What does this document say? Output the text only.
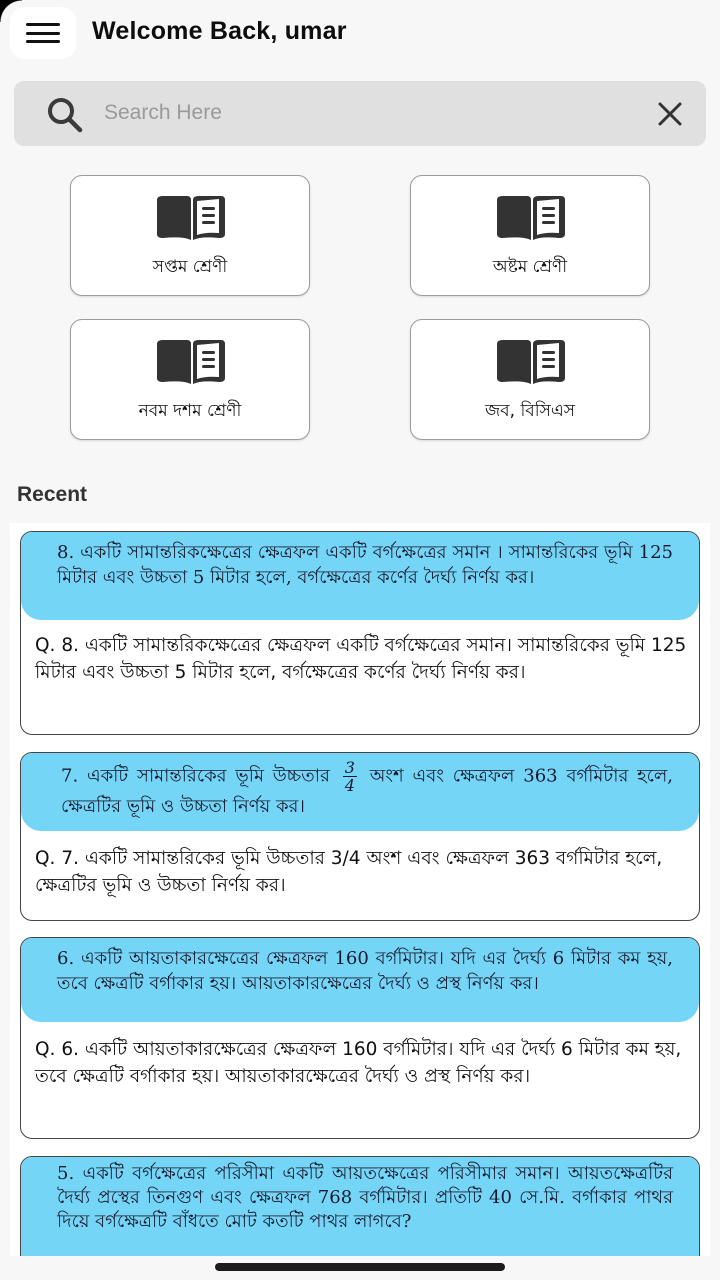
Welcome Back, umar
Search Here
সপ্তম শ্রেণী	অষ্টম শ্রেণী
নবম দশম শ্রেণী	জব, বিসিএস
Recent
8. একটি সামান্তরিকক্ষেত্রের ক্ষেত্রফল একটি বর্গক্ষেত্রের সমান । সামান্তরিকের ভূমি 125 মিটার এবং উচ্চতা 5 মিটার হলে, বর্গক্ষেত্রের কর্ণের দৈর্ঘ্য নির্ণয় কর।
Q. 8. একটি সামান্তরিকক্ষেত্রের ক্ষেত্রফল একটি বর্গক্ষেত্রের সমান। সামান্তরিকের ভূমি 125 মিটার এবং উচ্চতা 5 মিটার হলে, বর্গক্ষেত্রের কর্ণের দৈর্ঘ্য নির্ণয় কর।
7. একটি সামান্তরিকের ভূমি উচ্চতার $\frac{3}{4}$ অংশ এবং ক্ষেত্রফল 363 বর্গমিটার হলে, ক্ষেত্রটির ভূমি ও উচ্চতা নির্ণয় কর।
Q. 7. একটি সামান্তরিকের ভূমি উচ্চতার 3/4 অংশ এবং ক্ষেত্রফল 363 বর্গমিটার হলে, ক্ষেত্রটির ভূমি ও উচ্চতা নির্ণয় কর।
6. একটি আয়তাকারক্ষেত্রের ক্ষেত্রফল 160 বর্গমিটার। যদি এর দৈর্ঘ্য 6 মিটার কম হয়, তবে ক্ষেত্রটি বর্গাকার হয়। আয়তাকারক্ষেত্রের দৈর্ঘ্য ও প্রস্থ নির্ণয় কর।
Q. 6. একটি আয়তাকারক্ষেত্রের ক্ষেত্রফল 160 বর্গমিটার। যদি এর দৈর্ঘ্য 6 মিটার কম হয়, তবে ক্ষেত্রটি বর্গাকার হয়। আয়তাকারক্ষেত্রের দৈর্ঘ্য ও প্রস্থ নির্ণয় কর।
5. একটি বর্গক্ষেত্রের পরিসীমা একটি আয়তক্ষেত্রের পরিসীমার সমান। আয়তক্ষেত্রটির দৈর্ঘ্য প্রস্থের তিনগুণ এবং ক্ষেত্রফল 768 বর্গমিটার। প্রতিটি 40 সে.মি. বর্গাকার পাথর দিয়ে বর্গক্ষেত্রটি বাঁধতে মোট কতটি পাথর লাগবে?
